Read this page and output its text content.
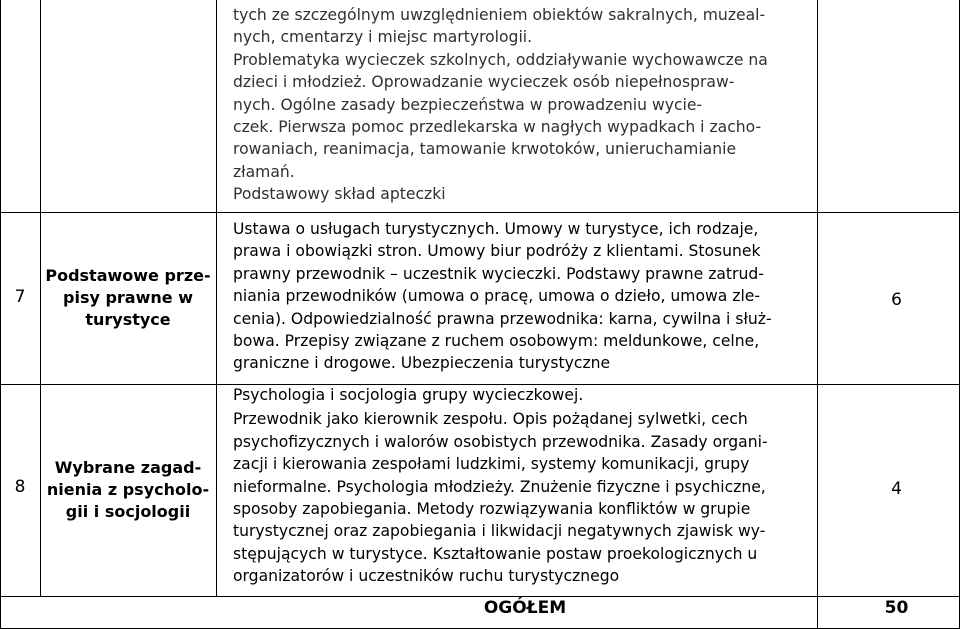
tych ze szczególnym uwzględnieniem obiektów sakralnych, muzeal-
nych, cmentarzy i miejsc martyrologii.
Problematyka wycieczek szkolnych, oddziaływanie wychowawcze na
dzieci i młodzież. Oprowadzanie wycieczek osób niepełnospraw-
nych. Ogólne zasady bezpieczeństwa w prowadzeniu wycie-
czek. Pierwsza pomoc przedlekarska w nagłych wypadkach i zacho-
rowaniach, reanimacja, tamowanie krwotoków, unieruchamianie
złamań.
Podstawowy skład apteczki
7
Podstawowe prze-
pisy prawne w
turystyce
Ustawa o usługach turystycznych. Umowy w turystyce, ich rodzaje,
prawa i obowiązki stron. Umowy biur podróży z klientami. Stosunek
prawny przewodnik – uczestnik wycieczki. Podstawy prawne zatrud-
niania przewodników (umowa o pracę, umowa o dzieło, umowa zle-
cenia). Odpowiedzialność prawna przewodnika: karna, cywilna i służ-
bowa. Przepisy związane z ruchem osobowym: meldunkowe, celne,
graniczne i drogowe. Ubezpieczenia turystyczne
6
8
Wybrane zagad-
nienia z psycholo-
gii i socjologii
Psychologia i socjologia grupy wycieczkowej.
Przewodnik jako kierownik zespołu. Opis pożądanej sylwetki, cech
psychofizycznych i walorów osobistych przewodnika. Zasady organi-
zacji i kierowania zespołami ludzkimi, systemy komunikacji, grupy
nieformalne. Psychologia młodzieży. Znużenie fizyczne i psychiczne,
sposoby zapobiegania. Metody rozwiązywania konfliktów w grupie
turystycznej oraz zapobiegania i likwidacji negatywnych zjawisk wy-
stępujących w turystyce. Kształtowanie postaw proekologicznych u
organizatorów i uczestników ruchu turystycznego
4
OGÓŁEM	50
